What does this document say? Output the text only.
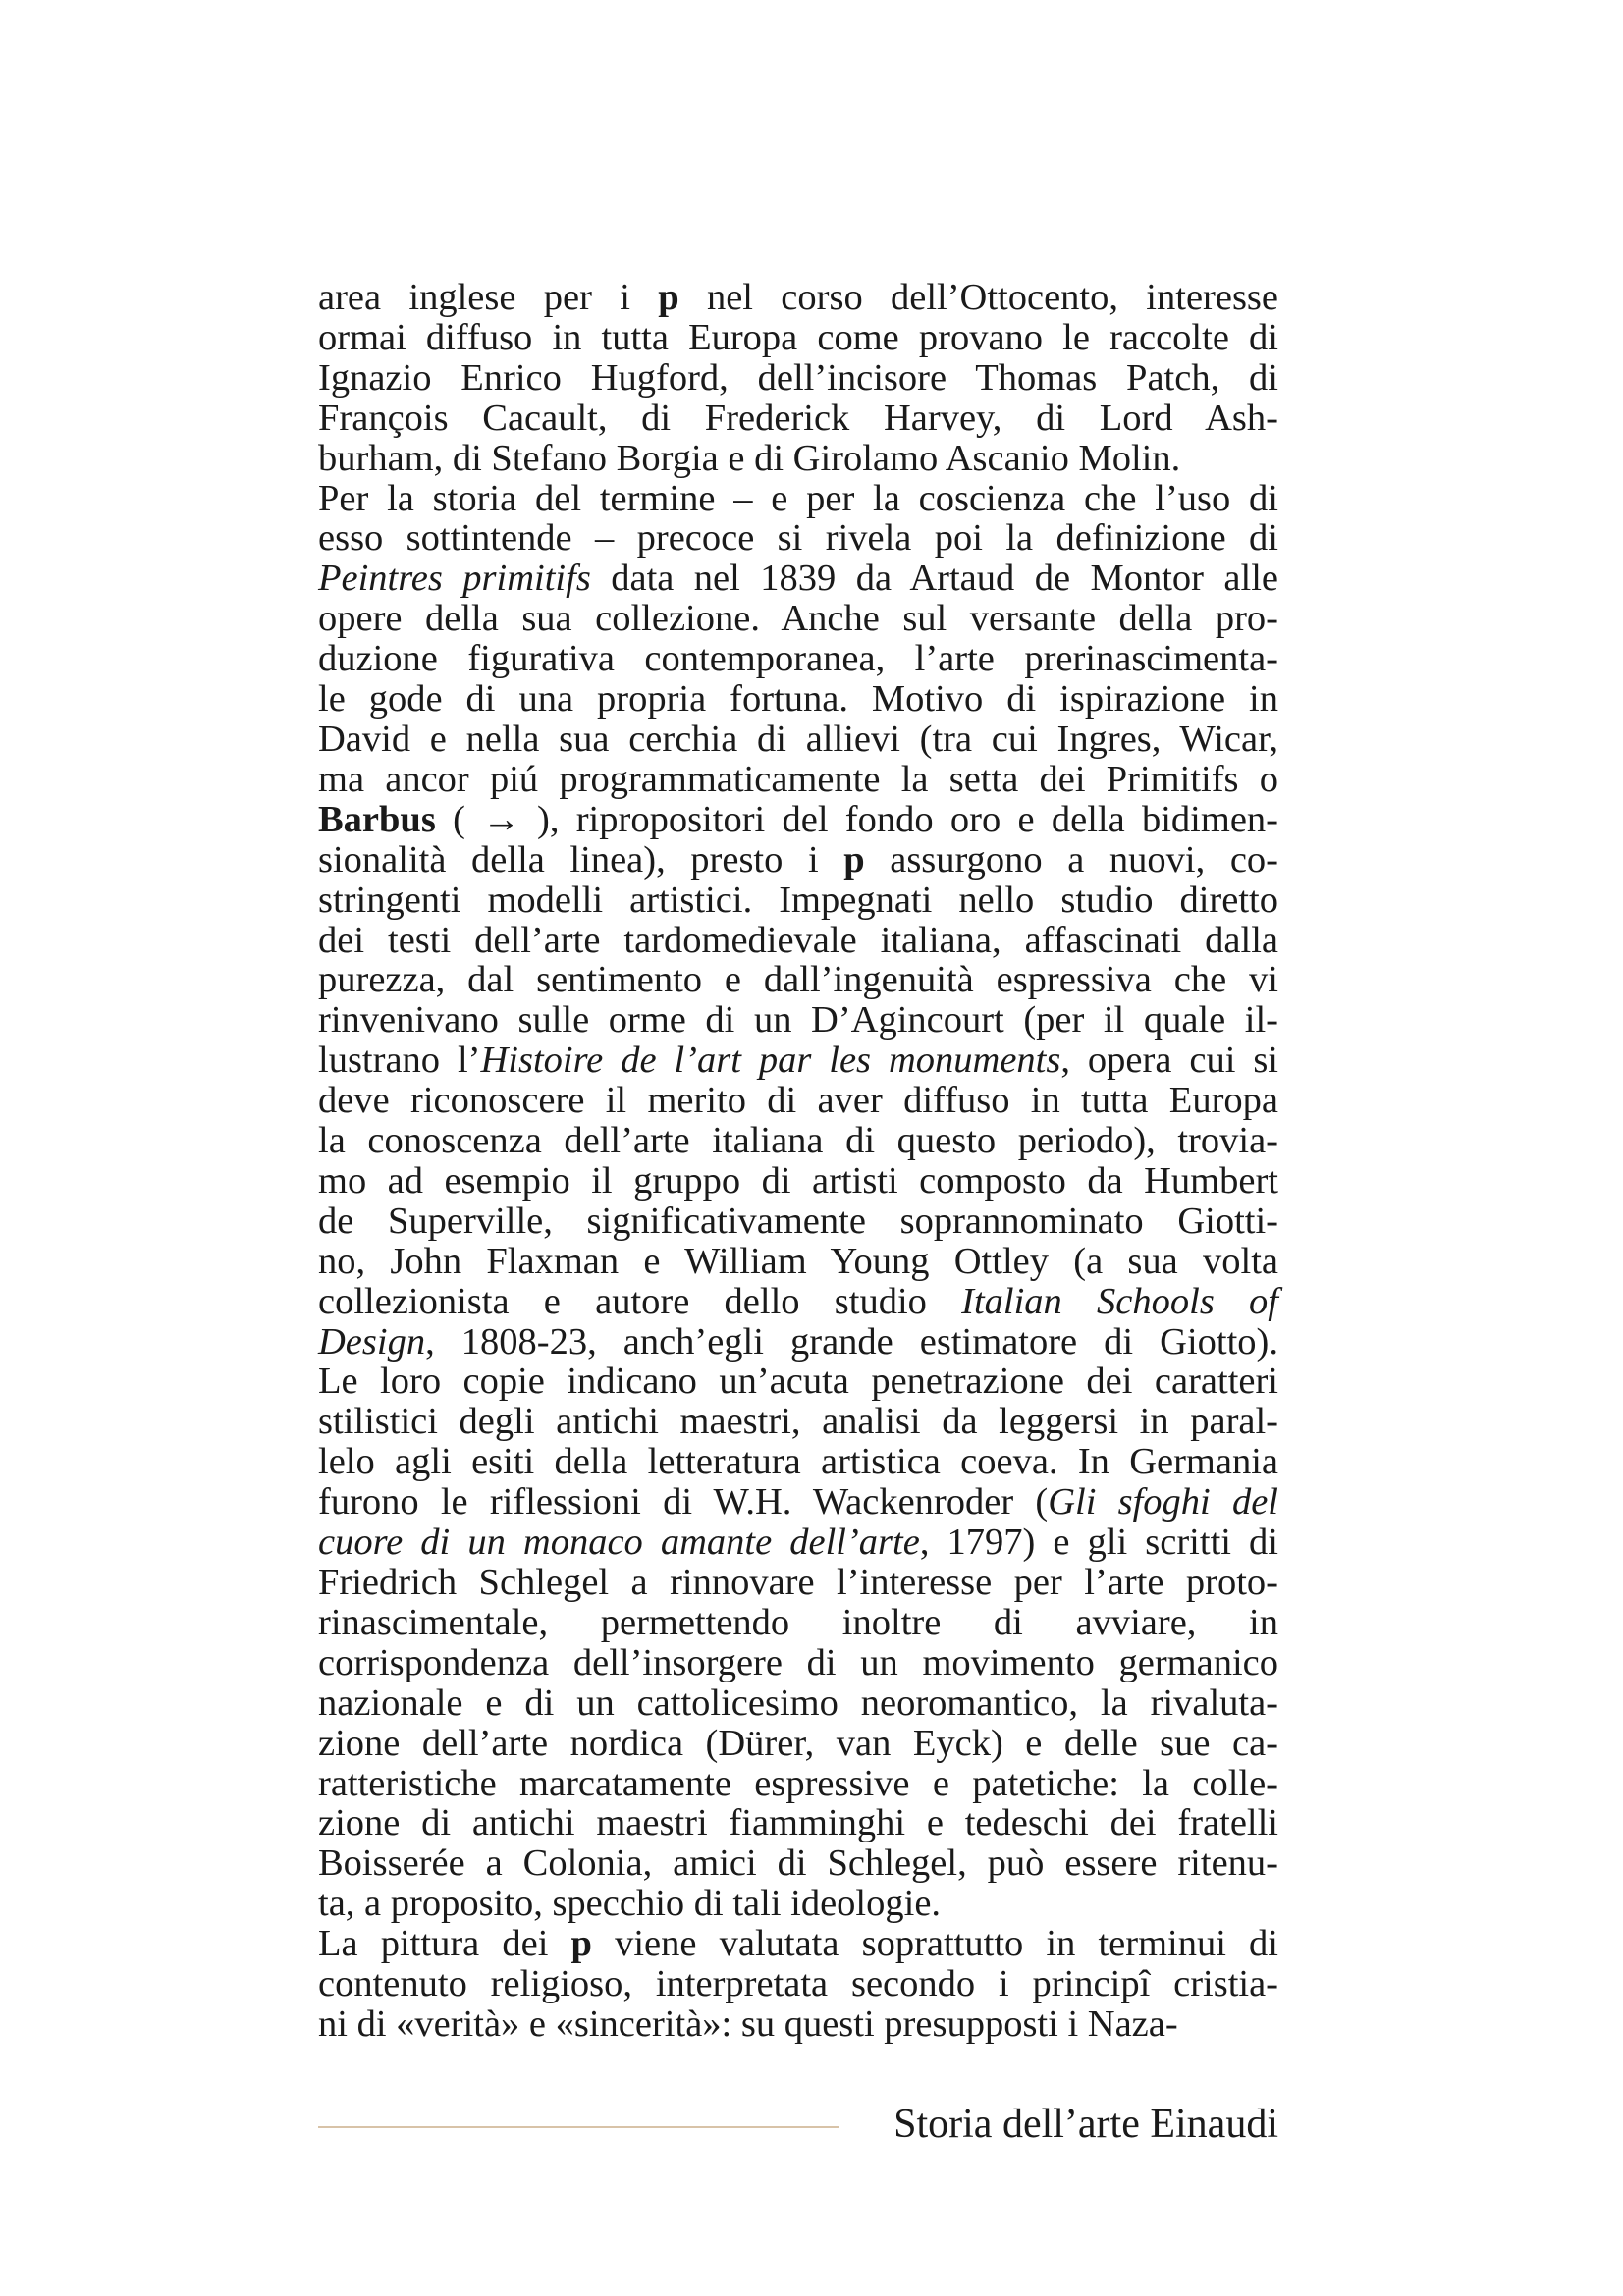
area inglese per i p nel corso dell’Ottocento, interesse
ormai diffuso in tutta Europa come provano le raccolte di
Ignazio Enrico Hugford, dell’incisore Thomas Patch, di
François Cacault, di Frederick Harvey, di Lord Ash-
burham, di Stefano Borgia e di Girolamo Ascanio Molin.
Per la storia del termine – e per la coscienza che l’uso di
esso sottintende – precoce si rivela poi la definizione di
Peintres primitifs data nel 1839 da Artaud de Montor alle
opere della sua collezione. Anche sul versante della pro-
duzione figurativa contemporanea, l’arte prerinascimenta-
le gode di una propria fortuna. Motivo di ispirazione in
David e nella sua cerchia di allievi (tra cui Ingres, Wicar,
ma ancor piú programmaticamente la setta dei Primitifs o
Barbus ( → ), ripropositori del fondo oro e della bidimen-
sionalità della linea), presto i p assurgono a nuovi, co-
stringenti modelli artistici. Impegnati nello studio diretto
dei testi dell’arte tardomedievale italiana, affascinati dalla
purezza, dal sentimento e dall’ingenuità espressiva che vi
rinvenivano sulle orme di un D’Agincourt (per il quale il-
lustrano l’Histoire de l’art par les monuments, opera cui si
deve riconoscere il merito di aver diffuso in tutta Europa
la conoscenza dell’arte italiana di questo periodo), trovia-
mo ad esempio il gruppo di artisti composto da Humbert
de Superville, significativamente soprannominato Giotti-
no, John Flaxman e William Young Ottley (a sua volta
collezionista e autore dello studio Italian Schools of
Design, 1808-23, anch’egli grande estimatore di Giotto).
Le loro copie indicano un’acuta penetrazione dei caratteri
stilistici degli antichi maestri, analisi da leggersi in paral-
lelo agli esiti della letteratura artistica coeva. In Germania
furono le riflessioni di W.H. Wackenroder (Gli sfoghi del
cuore di un monaco amante dell’arte, 1797) e gli scritti di
Friedrich Schlegel a rinnovare l’interesse per l’arte proto-
rinascimentale, permettendo inoltre di avviare, in
corrispondenza dell’insorgere di un movimento germanico
nazionale e di un cattolicesimo neoromantico, la rivaluta-
zione dell’arte nordica (Dürer, van Eyck) e delle sue ca-
ratteristiche marcatamente espressive e patetiche: la colle-
zione di antichi maestri fiamminghi e tedeschi dei fratelli
Boisserée a Colonia, amici di Schlegel, può essere ritenu-
ta, a proposito, specchio di tali ideologie.
La pittura dei p viene valutata soprattutto in terminui di
contenuto religioso, interpretata secondo i principî cristia-
ni di «verità» e «sincerità»: su questi presupposti i Naza-
Storia dell’arte Einaudi
